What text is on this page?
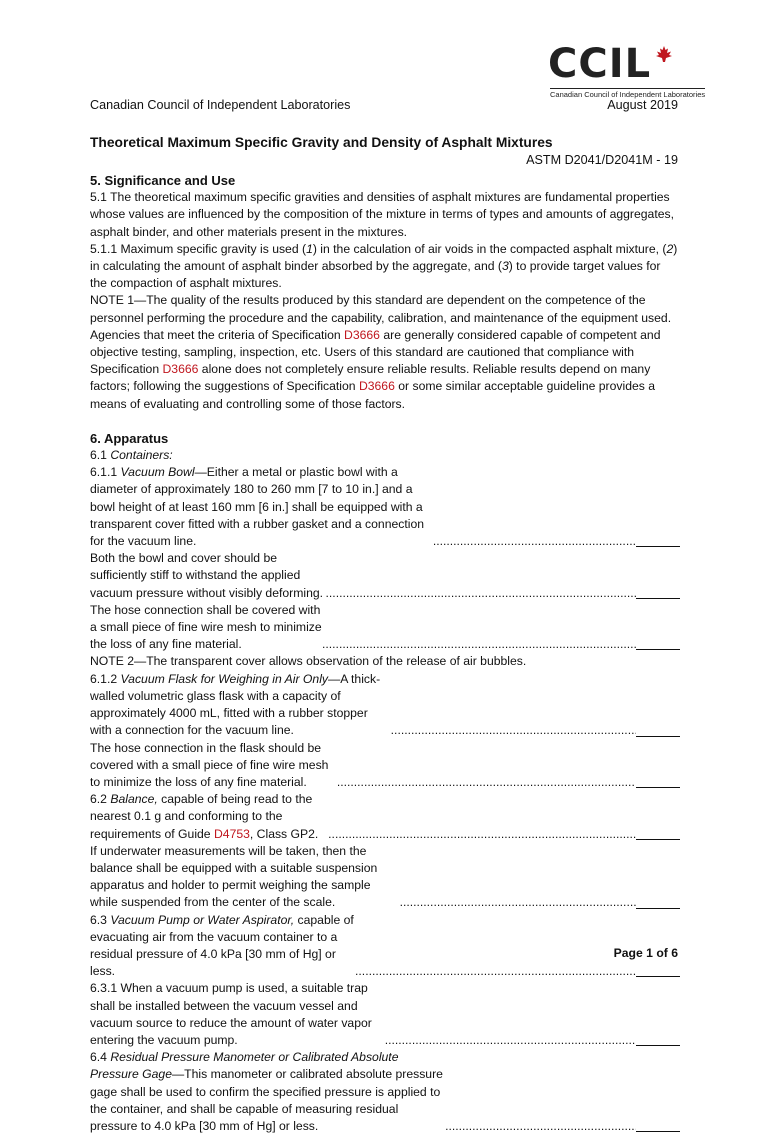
CCIL
Canadian Council of Independent Laboratories
Canadian Council of Independent Laboratories	August 2019
Theoretical Maximum Specific Gravity and Density of Asphalt Mixtures
ASTM D2041/D2041M - 19

5. Significance and Use

5.1 The theoretical maximum specific gravities and densities of asphalt mixtures are fundamental properties whose values are influenced by the composition of the mixture in terms of types and amounts of aggregates, asphalt binder, and other materials present in the mixtures.

5.1.1 Maximum specific gravity is used (1) in the calculation of air voids in the compacted asphalt mixture, (2) in calculating the amount of asphalt binder absorbed by the aggregate, and (3) to provide target values for the compaction of asphalt mixtures.

NOTE 1—The quality of the results produced by this standard are dependent on the competence of the personnel performing the procedure and the capability, calibration, and maintenance of the equipment used. Agencies that meet the criteria of Specification D3666 are generally considered capable of competent and objective testing, sampling, inspection, etc. Users of this standard are cautioned that compliance with Specification D3666 alone does not completely ensure reliable results. Reliable results depend on many factors; following the suggestions of Specification D3666 or some similar acceptable guideline provides a means of evaluating and controlling some of those factors.

6. Apparatus

6.1 Containers:

6.1.1 Vacuum Bowl—Either a metal or plastic bowl with a diameter of approximately 180 to 260 mm [7 to 10 in.] and a bowl height of at least 160 mm [6 in.] shall be equipped with a transparent cover fitted with a rubber gasket and a connection for the vacuum line.
.....
Both the bowl and cover should be sufficiently stiff to withstand the applied vacuum pressure without visibly deforming.
.....
The hose connection shall be covered with a small piece of fine wire mesh to minimize the loss of any fine material.
.....

NOTE 2—The transparent cover allows observation of the release of air bubbles.

6.1.2 Vacuum Flask for Weighing in Air Only—A thick-walled volumetric glass flask with a capacity of approximately 4000 mL, fitted with a rubber stopper with a connection for the vacuum line.
.....
The hose connection in the flask should be covered with a small piece of fine wire mesh to minimize the loss of any fine material.
.....
6.2 Balance, capable of being read to the nearest 0.1 g and conforming to the requirements of Guide D4753, Class GP2.
.....
If underwater measurements will be taken, then the balance shall be equipped with a suitable suspension apparatus and holder to permit weighing the sample while suspended from the center of the scale.
.....
6.3 Vacuum Pump or Water Aspirator, capable of evacuating air from the vacuum container to a residual pressure of 4.0 kPa [30 mm of Hg] or less.
.....
6.3.1 When a vacuum pump is used, a suitable trap shall be installed between the vacuum vessel and vacuum source to reduce the amount of water vapor entering the vacuum pump.
.....
6.4 Residual Pressure Manometer or Calibrated Absolute Pressure Gage—This manometer or calibrated absolute pressure gage shall be used to confirm the specified pressure is applied to the container, and shall be capable of measuring residual pressure to 4.0 kPa [30 mm of Hg] or less.
.....
Page 1 of 6
